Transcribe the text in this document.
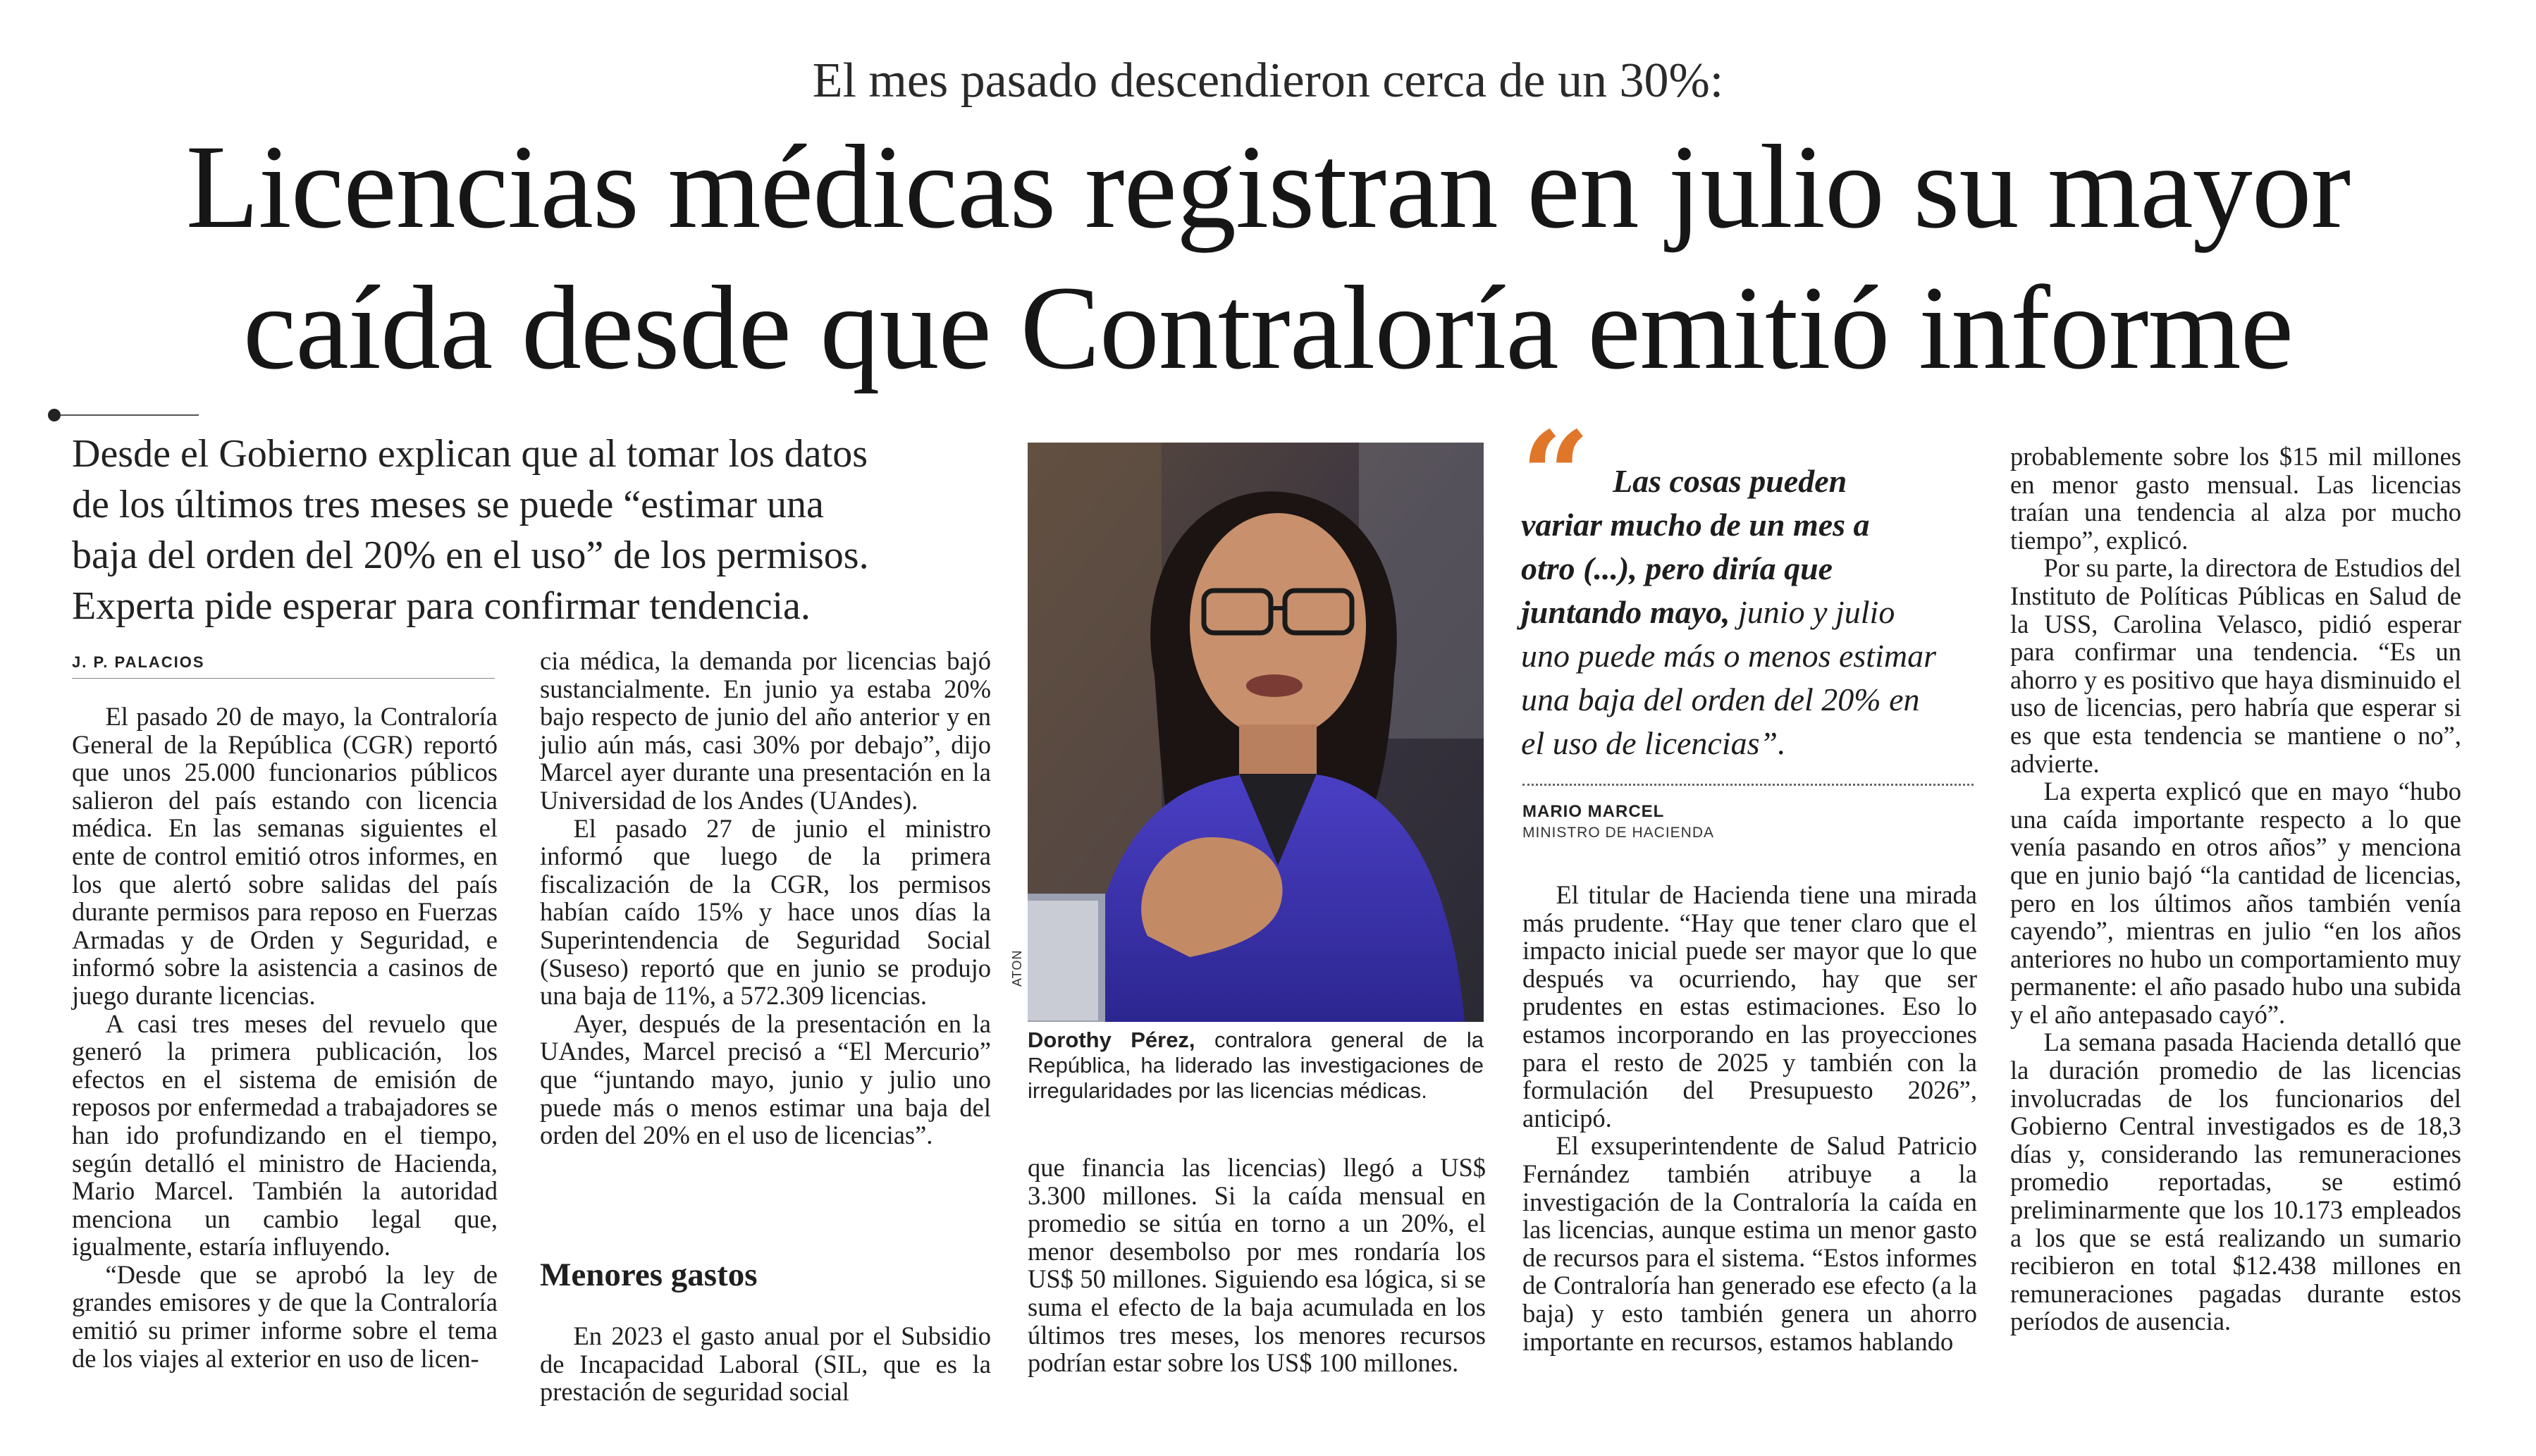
El mes pasado descendieron cerca de un 30%:
Licencias médicas registran en julio su mayor
caída desde que Contraloría emitió informe
Desde el Gobierno explican que al tomar los datos
de los últimos tres meses se puede “estimar una
baja del orden del 20% en el uso” de los permisos.
Experta pide esperar para confirmar tendencia.
J. P. PALACIOS

El pasado 20 de mayo, la Contraloría General de la República (CGR) reportó que unos 25.000 funcionarios públicos salieron del país estando con licencia médica. En las semanas siguientes el ente de control emitió otros informes, en los que alertó sobre salidas del país durante permisos para reposo en Fuerzas Armadas y de Orden y Seguridad, e informó sobre la asistencia a casinos de juego durante licencias.

A casi tres meses del revuelo que generó la primera publicación, los efectos en el sistema de emisión de reposos por enfermedad a trabajadores se han ido profundizando en el tiempo, según detalló el ministro de Hacienda, Mario Marcel. También la autoridad menciona un cambio legal que, igualmente, estaría influyendo.

“Desde que se aprobó la ley de grandes emisores y de que la Contraloría emitió su primer informe sobre el tema de los viajes al exterior en uso de licen-

cia médica, la demanda por licencias bajó sustancialmente. En junio ya estaba 20% bajo respecto de junio del año anterior y en julio aún más, casi 30% por debajo”, dijo Marcel ayer durante una presentación en la Universidad de los Andes (UAndes).

El pasado 27 de junio el ministro informó que luego de la primera fiscalización de la CGR, los permisos habían caído 15% y hace unos días la Superintendencia de Seguridad Social (Suseso) reportó que en junio se produjo una baja de 11%, a 572.309 licencias.

Ayer, después de la presentación en la UAndes, Marcel precisó a “El Mercurio” que “juntando mayo, junio y julio uno puede más o menos estimar una baja del orden del 20% en el uso de licencias”.

Menores gastos

En 2023 el gasto anual por el Subsidio de Incapacidad Laboral (SIL, que es la prestación de seguridad social

ATON
Dorothy Pérez, contralora general de la República, ha liderado las investigaciones de irregularidades por las licencias médicas.

que financia las licencias) llegó a US$ 3.300 millones. Si la caída mensual en promedio se sitúa en torno a un 20%, el menor desembolso por mes rondaría los US$ 50 millones. Siguiendo esa lógica, si se suma el efecto de la baja acumulada en los últimos tres meses, los menores recursos podrían estar sobre los US$ 100 millones.

“ Las cosas pueden
variar mucho de un mes a
otro (...), pero diría que
juntando mayo, junio y julio
uno puede más o menos estimar
una baja del orden del 20% en
el uso de licencias”.
MARIO MARCEL
MINISTRO DE HACIENDA

El titular de Hacienda tiene una mirada más prudente. “Hay que tener claro que el impacto inicial puede ser mayor que lo que después va ocurriendo, hay que ser prudentes en estas estimaciones. Eso lo estamos incorporando en las proyecciones para el resto de 2025 y también con la formulación del Presupuesto 2026”, anticipó.

El exsuperintendente de Salud Patricio Fernández también atribuye a la investigación de la Contraloría la caída en las licencias, aunque estima un menor gasto de recursos para el sistema. “Estos informes de Contraloría han generado ese efecto (a la baja) y esto también genera un ahorro importante en recursos, estamos hablando

probablemente sobre los $15 mil millones en menor gasto mensual. Las licencias traían una tendencia al alza por mucho tiempo”, explicó.

Por su parte, la directora de Estudios del Instituto de Políticas Públicas en Salud de la USS, Carolina Velasco, pidió esperar para confirmar una tendencia. “Es un ahorro y es positivo que haya disminuido el uso de licencias, pero habría que esperar si es que esta tendencia se mantiene o no”, advierte.

La experta explicó que en mayo “hubo una caída importante respecto a lo que venía pasando en otros años” y menciona que en junio bajó “la cantidad de licencias, pero en los últimos años también venía cayendo”, mientras en julio “en los años anteriores no hubo un comportamiento muy permanente: el año pasado hubo una subida y el año antepasado cayó”.

La semana pasada Hacienda detalló que la duración promedio de las licencias involucradas de los funcionarios del Gobierno Central investigados es de 18,3 días y, considerando las remuneraciones promedio reportadas, se estimó preliminarmente que los 10.173 empleados a los que se está realizando un sumario recibieron en total $12.438 millones en remuneraciones pagadas durante estos períodos de ausencia.
